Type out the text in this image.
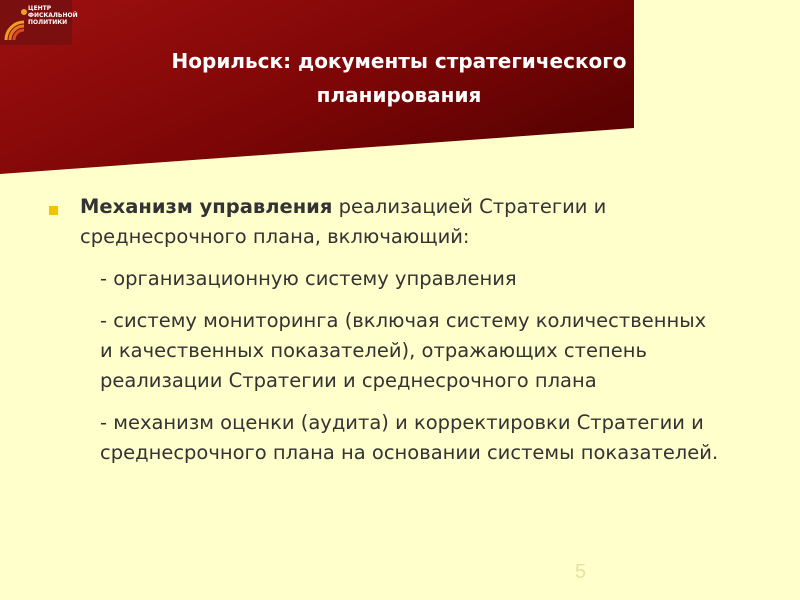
ЦЕНТР
ФИСКАЛЬНОЙ
ПОЛИТИКИ
Норильск: документы стратегического
планирования

Механизм управления реализацией Стратегии и среднесрочного плана, включающий:

- организационную систему управления

- систему мониторинга (включая систему количественных и качественных показателей), отражающих степень реализации Стратегии и среднесрочного плана

- механизм оценки (аудита) и корректировки Стратегии и среднесрочного плана на основании системы показателей.

5
